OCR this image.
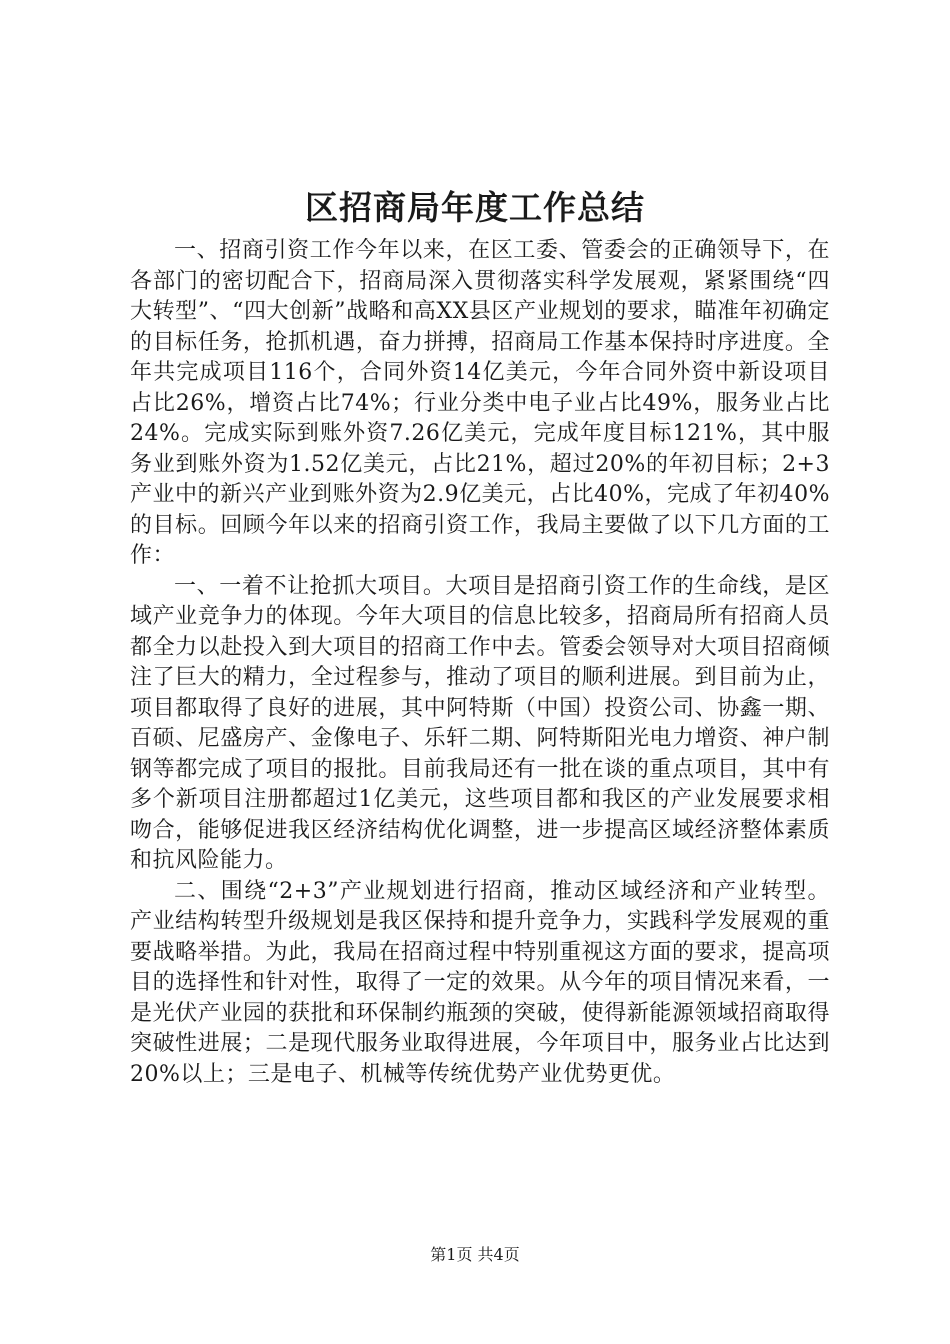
区招商局年度工作总结

一、招商引资工作今年以来，在区工委、管委会的正确领导下，在各部门的密切配合下，招商局深入贯彻落实科学发展观，紧紧围绕“四大转型”、“四大创新”战略和高XX县区产业规划的要求，瞄准年初确定的目标任务，抢抓机遇，奋力拼搏，招商局工作基本保持时序进度。全年共完成项目116个，合同外资14亿美元，今年合同外资中新设项目占比26%，增资占比74%；行业分类中电子业占比49%，服务业占比24%。完成实际到账外资7.26亿美元，完成年度目标121%，其中服务业到账外资为1.52亿美元，占比21%，超过20%的年初目标；2+3产业中的新兴产业到账外资为2.9亿美元，占比40%，完成了年初40%的目标。回顾今年以来的招商引资工作，我局主要做了以下几方面的工作：

一、一着不让抢抓大项目。大项目是招商引资工作的生命线，是区域产业竞争力的体现。今年大项目的信息比较多，招商局所有招商人员都全力以赴投入到大项目的招商工作中去。管委会领导对大项目招商倾注了巨大的精力，全过程参与，推动了项目的顺利进展。到目前为止，项目都取得了良好的进展，其中阿特斯（中国）投资公司、协鑫一期、百硕、尼盛房产、金像电子、乐轩二期、阿特斯阳光电力增资、神户制钢等都完成了项目的报批。目前我局还有一批在谈的重点项目，其中有多个新项目注册都超过1亿美元，这些项目都和我区的产业发展要求相吻合，能够促进我区经济结构优化调整，进一步提高区域经济整体素质和抗风险能力。

二、围绕“2+3”产业规划进行招商，推动区域经济和产业转型。产业结构转型升级规划是我区保持和提升竞争力，实践科学发展观的重要战略举措。为此，我局在招商过程中特别重视这方面的要求，提高项目的选择性和针对性，取得了一定的效果。从今年的项目情况来看，一是光伏产业园的获批和环保制约瓶颈的突破，使得新能源领域招商取得突破性进展；二是现代服务业取得进展，今年项目中，服务业占比达到20%以上；三是电子、机械等传统优势产业优势更优。

第1页 共4页
